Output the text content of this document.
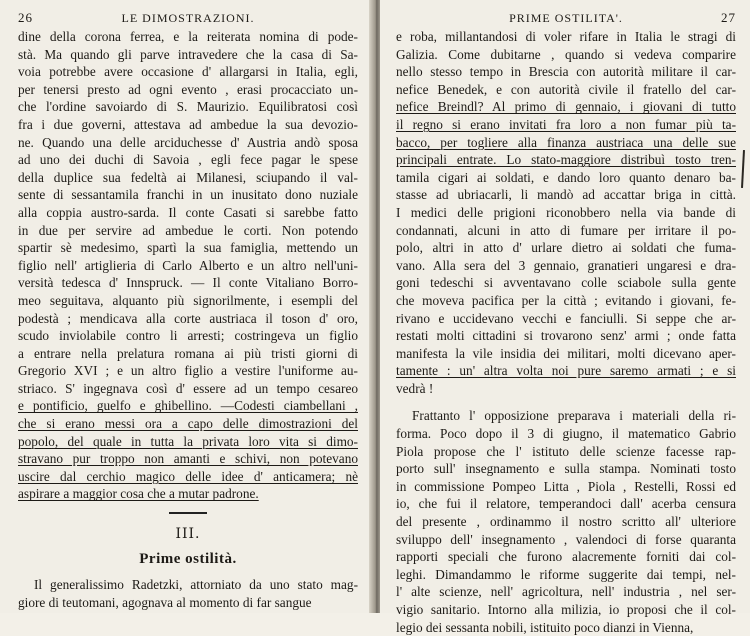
26	LE DIMOSTRAZIONI.
dine della corona ferrea, e la reiterata nomina di pode-
stà. Ma quando gli parve intravedere che la casa di Sa-
voia potrebbe avere occasione d' allargarsi in Italia, egli,
per tenersi presto ad ogni evento , erasi procacciato un-
che l'ordine savoiardo di S. Maurizio. Equilibratosi così
fra i due governi, attestava ad ambedue la sua devozio-
ne. Quando una delle arciduchesse d' Austria andò sposa
ad uno dei duchi di Savoia , egli fece pagar le spese
della duplice sua fedeltà ai Milanesi, sciupando il val-
sente di sessantamila franchi in un inusitato dono nuziale
alla coppia austro-sarda. Il conte Casati si sarebbe fatto
in due per servire ad ambedue le corti. Non potendo
spartir sè medesimo, spartì la sua famiglia, mettendo un
figlio nell' artiglieria di Carlo Alberto e un altro nell'uni-
versità tedesca d' Innspruck. — Il conte Vitaliano Borro-
meo seguitava, alquanto più signorilmente, i esempli del
podestà ; mendicava alla corte austriaca il toson d' oro,
scudo inviolabile contro li arresti; costringeva un figlio
a entrare nella prelatura romana ai più tristi giorni di
Gregorio XVI ; e un altro figlio a vestire l'uniforme au-
striaco. S' ingegnava così d' essere ad un tempo cesareo
e pontificio, guelfo e ghibellino. —Codesti ciambellani ,
che si erano messi ora a capo delle dimostrazioni del
popolo, del quale in tutta la privata loro vita si dimo-
stravano pur troppo non amanti e schivi, non potevano
uscire dal cerchio magico delle idee d' anticamera; nè
aspirare a maggior cosa che a mutar padrone.
III.
Prime ostilità.
Il generalissimo Radetzki, attorniato da uno stato mag-
giore di teutomani, agognava al momento di far sangue
PRIME OSTILITA'.	27
e roba, millantandosi di voler rifare in Italia le stragi di
Galizia. Come dubitarne , quando si vedeva comparire
nello stesso tempo in Brescia con autorità militare il car-
nefice Benedek, e con autorità civile il fratello del car-
nefice Breindl? Al primo di gennaio, i giovani di tutto
il regno si erano invitati fra loro a non fumar più ta-
bacco, per togliere alla finanza austriaca una delle sue
principali entrate. Lo stato-maggiore distribuì tosto tren-
tamila cigari ai soldati, e dando loro quanto denaro ba-
stasse ad ubriacarli, li mandò ad accattar briga in città.
I medici delle prigioni riconobbero nella via bande di
condannati, alcuni in atto di fumare per irritare il po-
polo, altri in atto d' urlare dietro ai soldati che fuma-
vano. Alla sera del 3 gennaio, granatieri ungaresi e dra-
goni tedeschi si avventavano colle sciabole sulla gente
che moveva pacifica per la città ; evitando i giovani, fe-
rivano e uccidevano vecchi e fanciulli. Si seppe che ar-
restati molti cittadini si trovarono senz' armi ; onde fatta
manifesta la vile insidia dei militari, molti dicevano aper-
tamente : un' altra volta noi pure saremo armati ; e si
vedrà !
Frattanto l' opposizione preparava i materiali della ri-
forma. Poco dopo il 3 di giugno, il matematico Gabrio
Piola propose che l' istituto delle scienze facesse rap-
porto sull' insegnamento e sulla stampa. Nominati tosto
in commissione Pompeo Litta , Piola , Restelli, Rossi ed
io, che fui il relatore, temperandoci dall' acerba censura
del presente , ordinammo il nostro scritto all' ulteriore
sviluppo dell' insegnamento , valendoci di forse quaranta
rapporti speciali che furono alacremente forniti dai col-
leghi. Dimandammo le riforme suggerite dai tempi, nel-
l' alte scienze, nell' agricoltura, nell' industria , nel ser-
vigio sanitario. Intorno alla milizia, io proposi che il col-
legio dei sessanta nobili, istituito poco dianzi in Vienna,
